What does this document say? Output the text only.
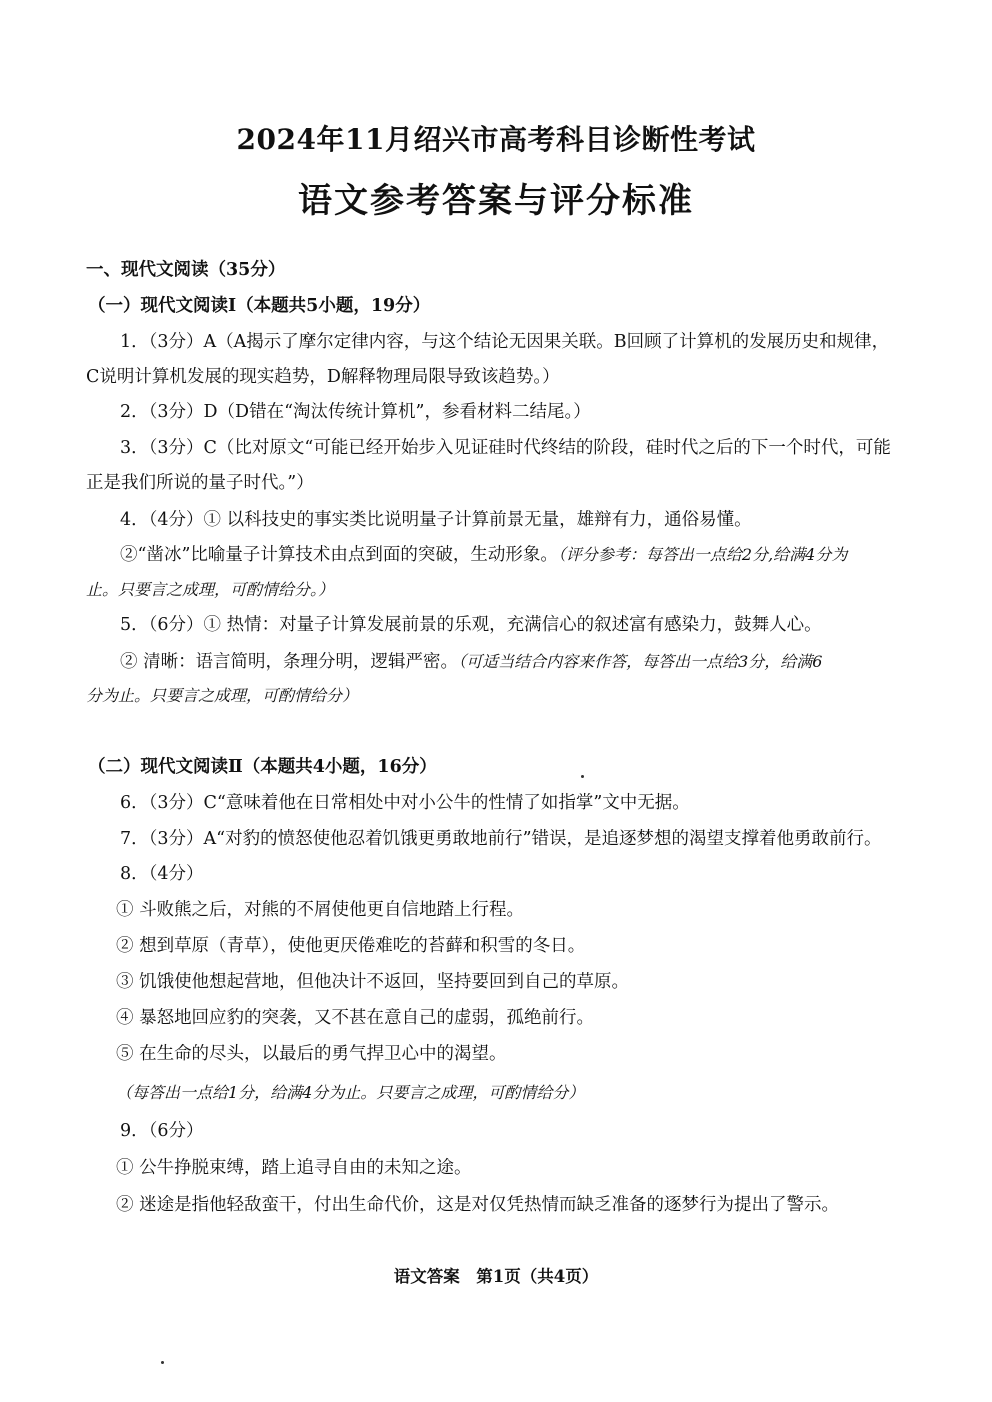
2024年11月绍兴市高考科目诊断性考试
语文参考答案与评分标准
一、现代文阅读（35分）
（一）现代文阅读Ⅰ（本题共5小题，19分）
1．（3分）A（A揭示了摩尔定律内容，与这个结论无因果关联。B回顾了计算机的发展历史和规律，
C说明计算机发展的现实趋势，D解释物理局限导致该趋势。）
2．（3分）D（D错在“淘汰传统计算机”，参看材料二结尾。）
3．（3分）C（比对原文“可能已经开始步入见证硅时代终结的阶段，硅时代之后的下一个时代，可能
正是我们所说的量子时代。”）
4．（4分）① 以科技史的事实类比说明量子计算前景无量，雄辩有力，通俗易懂。
②“凿冰”比喻量子计算技术由点到面的突破，生动形象。（评分参考：每答出一点给2分,给满4分为
止。只要言之成理，可酌情给分。）
5．（6分）① 热情：对量子计算发展前景的乐观，充满信心的叙述富有感染力，鼓舞人心。
② 清晰：语言简明，条理分明，逻辑严密。（可适当结合内容来作答，每答出一点给3分，给满6
分为止。只要言之成理，可酌情给分）
（二）现代文阅读Ⅱ（本题共4小题，16分）
6．（3分）C“意味着他在日常相处中对小公牛的性情了如指掌”文中无据。
7．（3分）A“对豹的愤怒使他忍着饥饿更勇敢地前行”错误，是追逐梦想的渴望支撑着他勇敢前行。
8．（4分）
① 斗败熊之后，对熊的不屑使他更自信地踏上行程。
② 想到草原（青草），使他更厌倦难吃的苔藓和积雪的冬日。
③ 饥饿使他想起营地，但他决计不返回，坚持要回到自己的草原。
④ 暴怒地回应豹的突袭，又不甚在意自己的虚弱，孤绝前行。
⑤ 在生命的尽头，以最后的勇气捍卫心中的渴望。
（每答出一点给1分，给满4分为止。只要言之成理，可酌情给分）
9．（6分）
① 公牛挣脱束缚，踏上追寻自由的未知之途。
② 迷途是指他轻敌蛮干，付出生命代价，这是对仅凭热情而缺乏准备的逐梦行为提出了警示。
语文答案　第1页（共4页）
